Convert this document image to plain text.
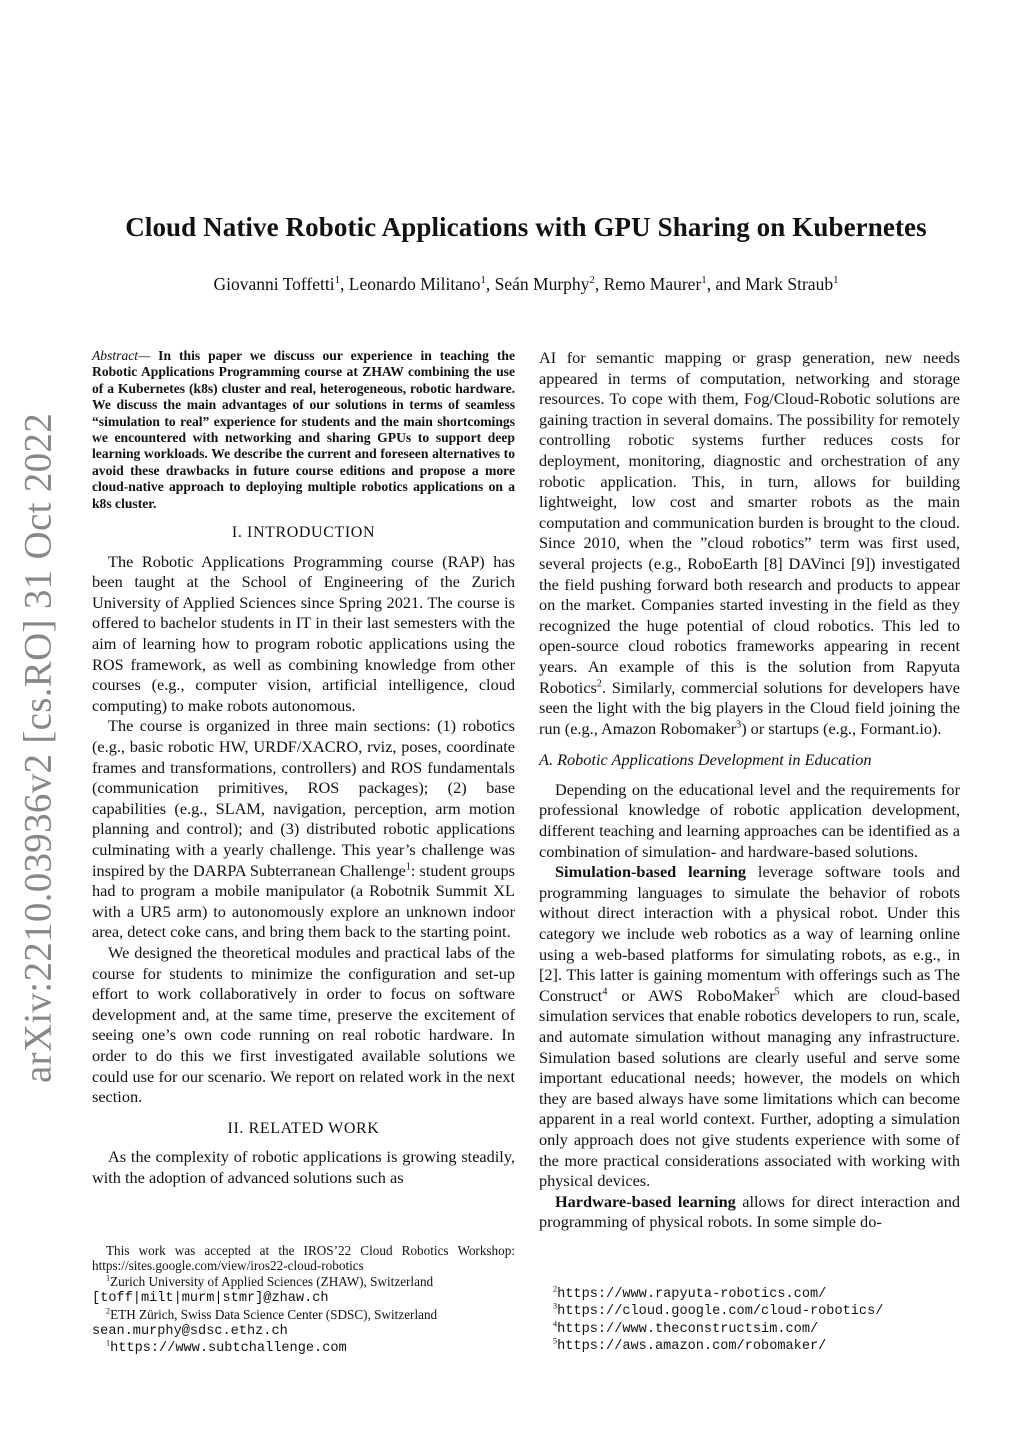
arXiv:2210.03936v2 [cs.RO] 31 Oct 2022
Cloud Native Robotic Applications with GPU Sharing on Kubernetes
Giovanni Toffetti$^1$, Leonardo Militano$^1$, Seán Murphy$^2$, Remo Maurer$^1$, and Mark Straub$^1$
Abstract— In this paper we discuss our experience in teaching the Robotic Applications Programming course at ZHAW combining the use of a Kubernetes (k8s) cluster and real, heterogeneous, robotic hardware. We discuss the main advantages of our solutions in terms of seamless “simulation to real” experience for students and the main shortcomings we encountered with networking and sharing GPUs to support deep learning workloads. We describe the current and foreseen alternatives to avoid these drawbacks in future course editions and propose a more cloud-native approach to deploying multiple robotics applications on a k8s cluster.
I. INTRODUCTION

The Robotic Applications Programming course (RAP) has been taught at the School of Engineering of the Zurich University of Applied Sciences since Spring 2021. The course is offered to bachelor students in IT in their last semesters with the aim of learning how to program robotic applications using the ROS framework, as well as combining knowledge from other courses (e.g., computer vision, artificial intelligence, cloud computing) to make robots autonomous.

The course is organized in three main sections: (1) robotics (e.g., basic robotic HW, URDF/XACRO, rviz, poses, coordinate frames and transformations, controllers) and ROS fundamentals (communication primitives, ROS packages); (2) base capabilities (e.g., SLAM, navigation, perception, arm motion planning and control); and (3) distributed robotic applications culminating with a yearly challenge. This year’s challenge was inspired by the DARPA Subterranean Challenge$^1$: student groups had to program a mobile manipulator (a Robotnik Summit XL with a UR5 arm) to autonomously explore an unknown indoor area, detect coke cans, and bring them back to the starting point.

We designed the theoretical modules and practical labs of the course for students to minimize the configuration and set-up effort to work collaboratively in order to focus on software development and, at the same time, preserve the excitement of seeing one’s own code running on real robotic hardware. In order to do this we first investigated available solutions we could use for our scenario. We report on related work in the next section.

II. RELATED WORK

As the complexity of robotic applications is growing steadily, with the adoption of advanced solutions such as

AI for semantic mapping or grasp generation, new needs appeared in terms of computation, networking and storage resources. To cope with them, Fog/Cloud-Robotic solutions are gaining traction in several domains. The possibility for remotely controlling robotic systems further reduces costs for deployment, monitoring, diagnostic and orchestration of any robotic application. This, in turn, allows for building lightweight, low cost and smarter robots as the main computation and communication burden is brought to the cloud. Since 2010, when the ”cloud robotics” term was first used, several projects (e.g., RoboEarth [8] DAVinci [9]) investigated the field pushing forward both research and products to appear on the market. Companies started investing in the field as they recognized the huge potential of cloud robotics. This led to open-source cloud robotics frameworks appearing in recent years. An example of this is the solution from Rapyuta Robotics$^2$. Similarly, commercial solutions for developers have seen the light with the big players in the Cloud field joining the run (e.g., Amazon Robomaker$^3$) or startups (e.g., Formant.io).

A. Robotic Applications Development in Education

Depending on the educational level and the requirements for professional knowledge of robotic application development, different teaching and learning approaches can be identified as a combination of simulation- and hardware-based solutions.

Simulation-based learning leverage software tools and programming languages to simulate the behavior of robots without direct interaction with a physical robot. Under this category we include web robotics as a way of learning online using a web-based platforms for simulating robots, as e.g., in [2]. This latter is gaining momentum with offerings such as The Construct$^4$ or AWS RoboMaker$^5$ which are cloud-based simulation services that enable robotics developers to run, scale, and automate simulation without managing any infrastructure. Simulation based solutions are clearly useful and serve some important educational needs; however, the models on which they are based always have some limitations which can become apparent in a real world context. Further, adopting a simulation only approach does not give students experience with some of the more practical considerations associated with working with physical devices.

Hardware-based learning allows for direct interaction and programming of physical robots. In some simple do-

This work was accepted at the IROS’22 Cloud Robotics Workshop: https://sites.google.com/view/iros22-cloud-robotics
$^1$Zurich University of Applied Sciences (ZHAW), Switzerland
[toff|milt|murm|stmr]@zhaw.ch
$^2$ETH Zürich, Swiss Data Science Center (SDSC), Switzerland
sean.murphy@sdsc.ethz.ch
$^1$https://www.subtchallenge.com
$^2$https://www.rapyuta-robotics.com/
$^3$https://cloud.google.com/cloud-robotics/
$^4$https://www.theconstructsim.com/
$^5$https://aws.amazon.com/robomaker/
